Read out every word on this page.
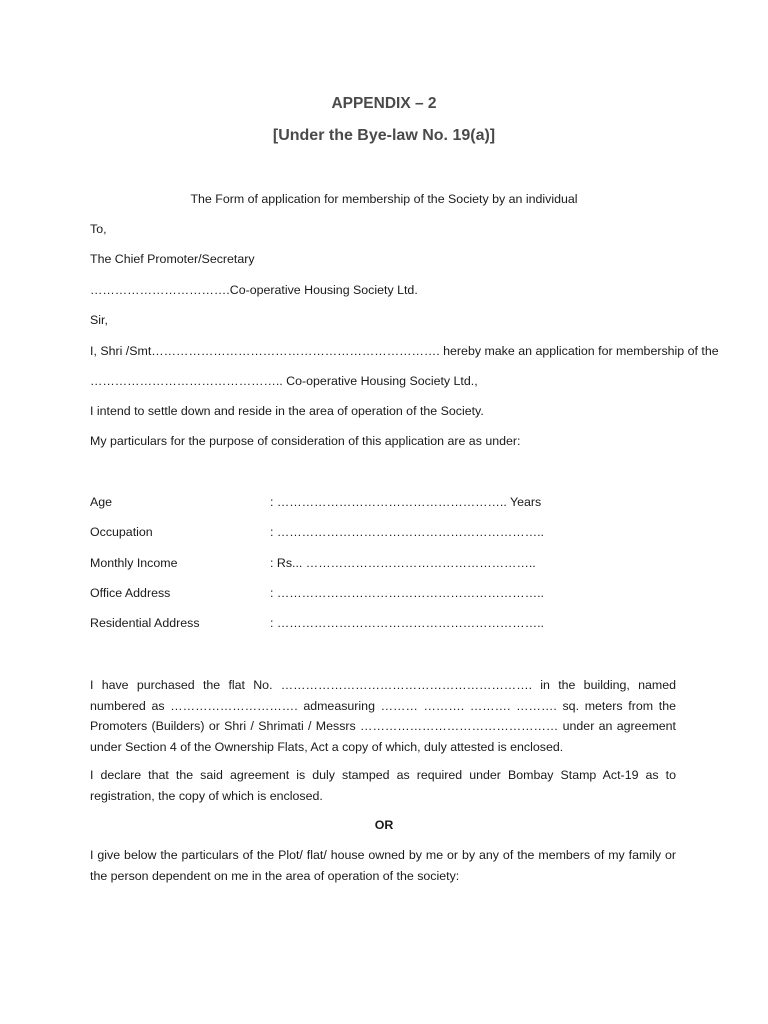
APPENDIX – 2
[Under the Bye-law No. 19(a)]
The Form of application for membership of the Society by an individual
To,
The Chief Promoter/Secretary
…………………………….Co-operative Housing Society Ltd.
Sir,
I, Shri /Smt……………………………………………………………. hereby make an application for membership of the
……………………………………….. Co-operative Housing Society Ltd.,
I intend to settle down and reside in the area of operation of the Society.
My particulars for the purpose of consideration of this application are as under:
Age	: ……………………………………………….. Years
Occupation	: ………………………………………………………..
Monthly Income	: Rs... ………………………………………………..
Office Address	: ………………………………………………………..
Residential Address	: ………………………………………………………..
I have purchased the flat No. ……………………………………………………. in the building, named numbered as …………………………. admeasuring ……… ………. ………. ………. sq. meters from the Promoters (Builders) or Shri / Shrimati / Messrs ………………………………………… under an agreement under Section 4 of the Ownership Flats, Act a copy of which, duly attested is enclosed.
I declare that the said agreement is duly stamped as required under Bombay Stamp Act-19 as to registration, the copy of which is enclosed.
OR
I give below the particulars of the Plot/ flat/ house owned by me or by any of the members of my family or the person dependent on me in the area of operation of the society:
